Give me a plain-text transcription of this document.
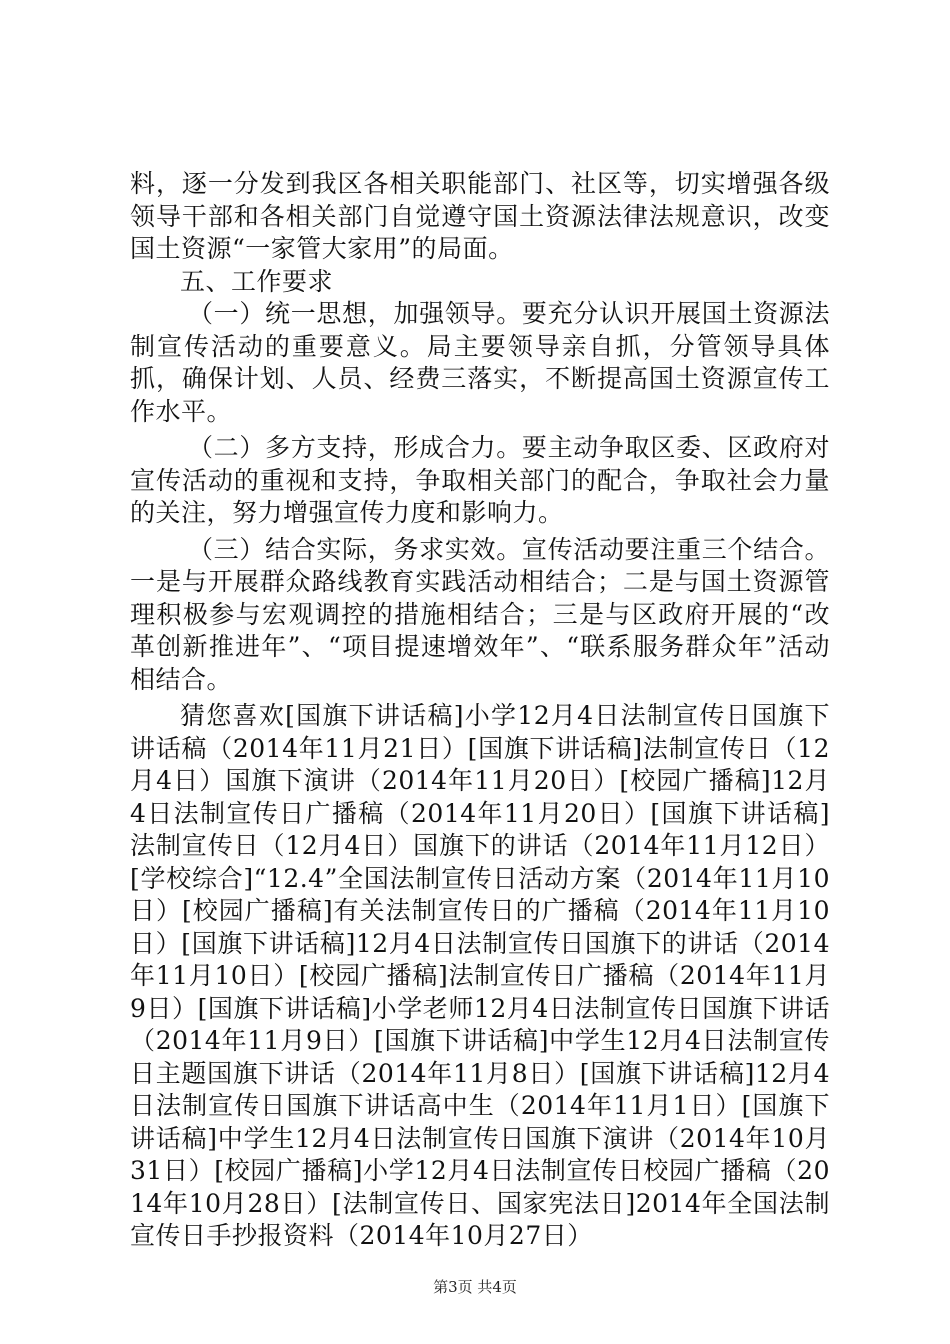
料，逐一分发到我区各相关职能部门、社区等，切实增强各级领导干部和各相关部门自觉遵守国土资源法律法规意识，改变国土资源“一家管大家用”的局面。

五、工作要求

（一）统一思想，加强领导。要充分认识开展国土资源法制宣传活动的重要意义。局主要领导亲自抓，分管领导具体抓，确保计划、人员、经费三落实，不断提高国土资源宣传工作水平。

（二）多方支持，形成合力。要主动争取区委、区政府对宣传活动的重视和支持，争取相关部门的配合，争取社会力量的关注，努力增强宣传力度和影响力。

（三）结合实际，务求实效。宣传活动要注重三个结合。一是与开展群众路线教育实践活动相结合；二是与国土资源管理积极参与宏观调控的措施相结合；三是与区政府开展的“改革创新推进年”、“项目提速增效年”、“联系服务群众年”活动相结合。

猜您喜欢[国旗下讲话稿]小学12月4日法制宣传日国旗下讲话稿（2014年11月21日）[国旗下讲话稿]法制宣传日（12月4日）国旗下演讲（2014年11月20日）[校园广播稿]12月4日法制宣传日广播稿（2014年11月20日）[国旗下讲话稿]法制宣传日（12月4日）国旗下的讲话（2014年11月12日）[学校综合]“12.4”全国法制宣传日活动方案（2014年11月10日）[校园广播稿]有关法制宣传日的广播稿（2014年11月10日）[国旗下讲话稿]12月4日法制宣传日国旗下的讲话（2014年11月10日）[校园广播稿]法制宣传日广播稿（2014年11月9日）[国旗下讲话稿]小学老师12月4日法制宣传日国旗下讲话（2014年11月9日）[国旗下讲话稿]中学生12月4日法制宣传日主题国旗下讲话（2014年11月8日）[国旗下讲话稿]12月4日法制宣传日国旗下讲话高中生（2014年11月1日）[国旗下讲话稿]中学生12月4日法制宣传日国旗下演讲（2014年10月31日）[校园广播稿]小学12月4日法制宣传日校园广播稿（2014年10月28日）[法制宣传日、国家宪法日]2014年全国法制宣传日手抄报资料（2014年10月27日）

第3页 共4页
